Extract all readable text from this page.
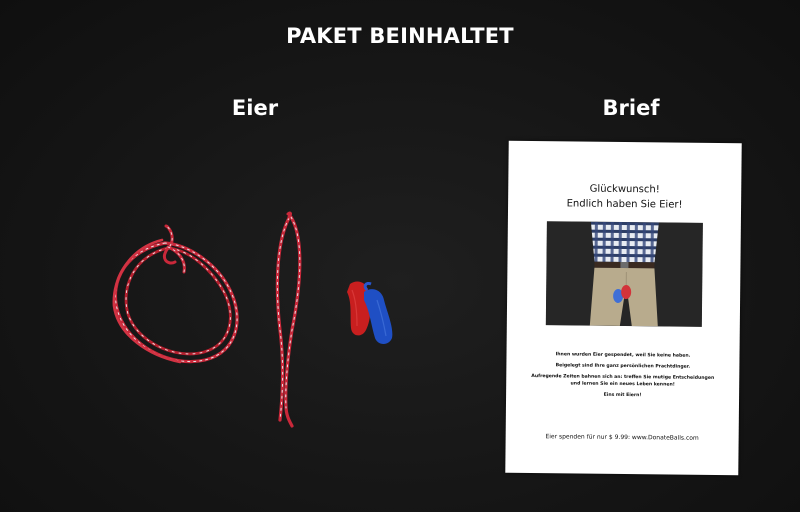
PAKET BEINHALTET
Eier	Brief
Glückwunsch!
Endlich haben Sie Eier!

Ihnen wurden Eier gespendet, weil Sie keine haben.

Beigelegt sind Ihre ganz persönlichen Prachtdinger.

Aufregende Zeiten bahnen sich an: treffen Sie mutige Entscheidungen

und lernen Sie ein neues Leben kennen!

Eins mit Eiern!

Eier spenden für nur $ 9.99: www.DonateBalls.com
